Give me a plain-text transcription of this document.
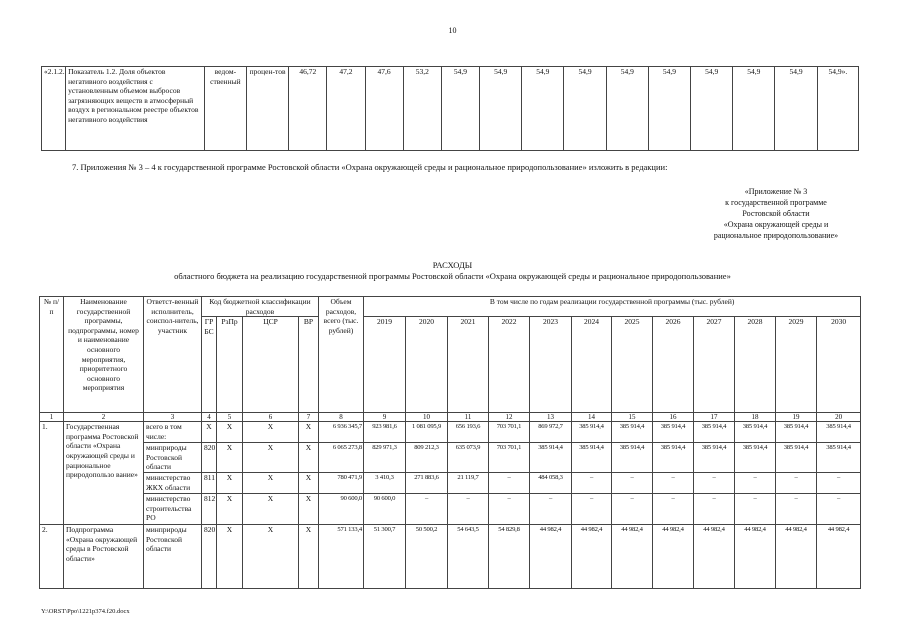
10
«2.1.2.	Показатель 1.2. Доля объектов негативного воздействия с установленным объемом выбросов загрязняющих веществ в атмосферный воздух в региональном реестре объектов негативного воздействия	ведом-ственный	процен-тов	46,72	47,2	47,6	53,2	54,9	54,9	54,9	54,9	54,9	54,9	54,9	54,9	54,9	54,9».
7. Приложения № 3 – 4 к государственной программе Ростовской области «Охрана окружающей среды и рациональное природопользование» изложить в редакции:
«Приложение № 3
к государственной программе
Ростовской области
«Охрана окружающей среды и
рациональное природопользование»
РАСХОДЫ
областного бюджета на реализацию государственной программы Ростовской области «Охрана окружающей среды и рациональное природопользование»
№ п/п	Наименование государственной программы, подпрограммы, номер и наименование основного мероприятия, приоритетного основного мероприятия	Ответст-венный исполнитель, соиспол-нитель, участник	Код бюджетной классификации расходов				Объем расходов, всего (тыс. рублей)	В том числе по годам реализации государственной программы (тыс. рублей)											
			ГР БС	РзПр	ЦСР	ВР		2019	2020	2021	2022	2023	2024	2025	2026	2027	2028	2029	2030
1	2	3	4	5	6	7	8	9	10	11	12	13	14	15	16	17	18	19	20
1.	Государственная программа Ростовской области «Охрана окружающей среды и рациональное природопользо вание»	всего в том числе:	Х	Х	Х	Х	6 936 345,7	923 981,6	1 081 095,9	656 193,6	703 701,1	869 972,7	385 914,4	385 914,4	385 914,4	385 914,4	385 914,4	385 914,4	385 914,4
		минприроды Ростовской области	820	Х	Х	Х	6 065 273,8	829 971,3	809 212,3	635 073,9	703 701,1	385 914,4	385 914,4	385 914,4	385 914,4	385 914,4	385 914,4	385 914,4	385 914,4
		министерство ЖКХ области	811	Х	Х	Х	780 471,9	3 410,3	271 883,6	21 119,7	–	484 058,3	–	–	–	–	–	–	–
		министерство строительства РО	812	Х	Х	Х	90 600,0	90 600,0	–	–	–	–	–	–	–	–	–	–	–
2.	Подпрограмма «Охрана окружающей среды в Ростовской области»	минприроды Ростовской области	820	Х	Х	Х	571 133,4	51 300,7	50 500,2	54 643,5	54 829,8	44 982,4	44 982,4	44 982,4	44 982,4	44 982,4	44 982,4	44 982,4	44 982,4
Y:\ORST\Ppo\1221p374.f20.docx
